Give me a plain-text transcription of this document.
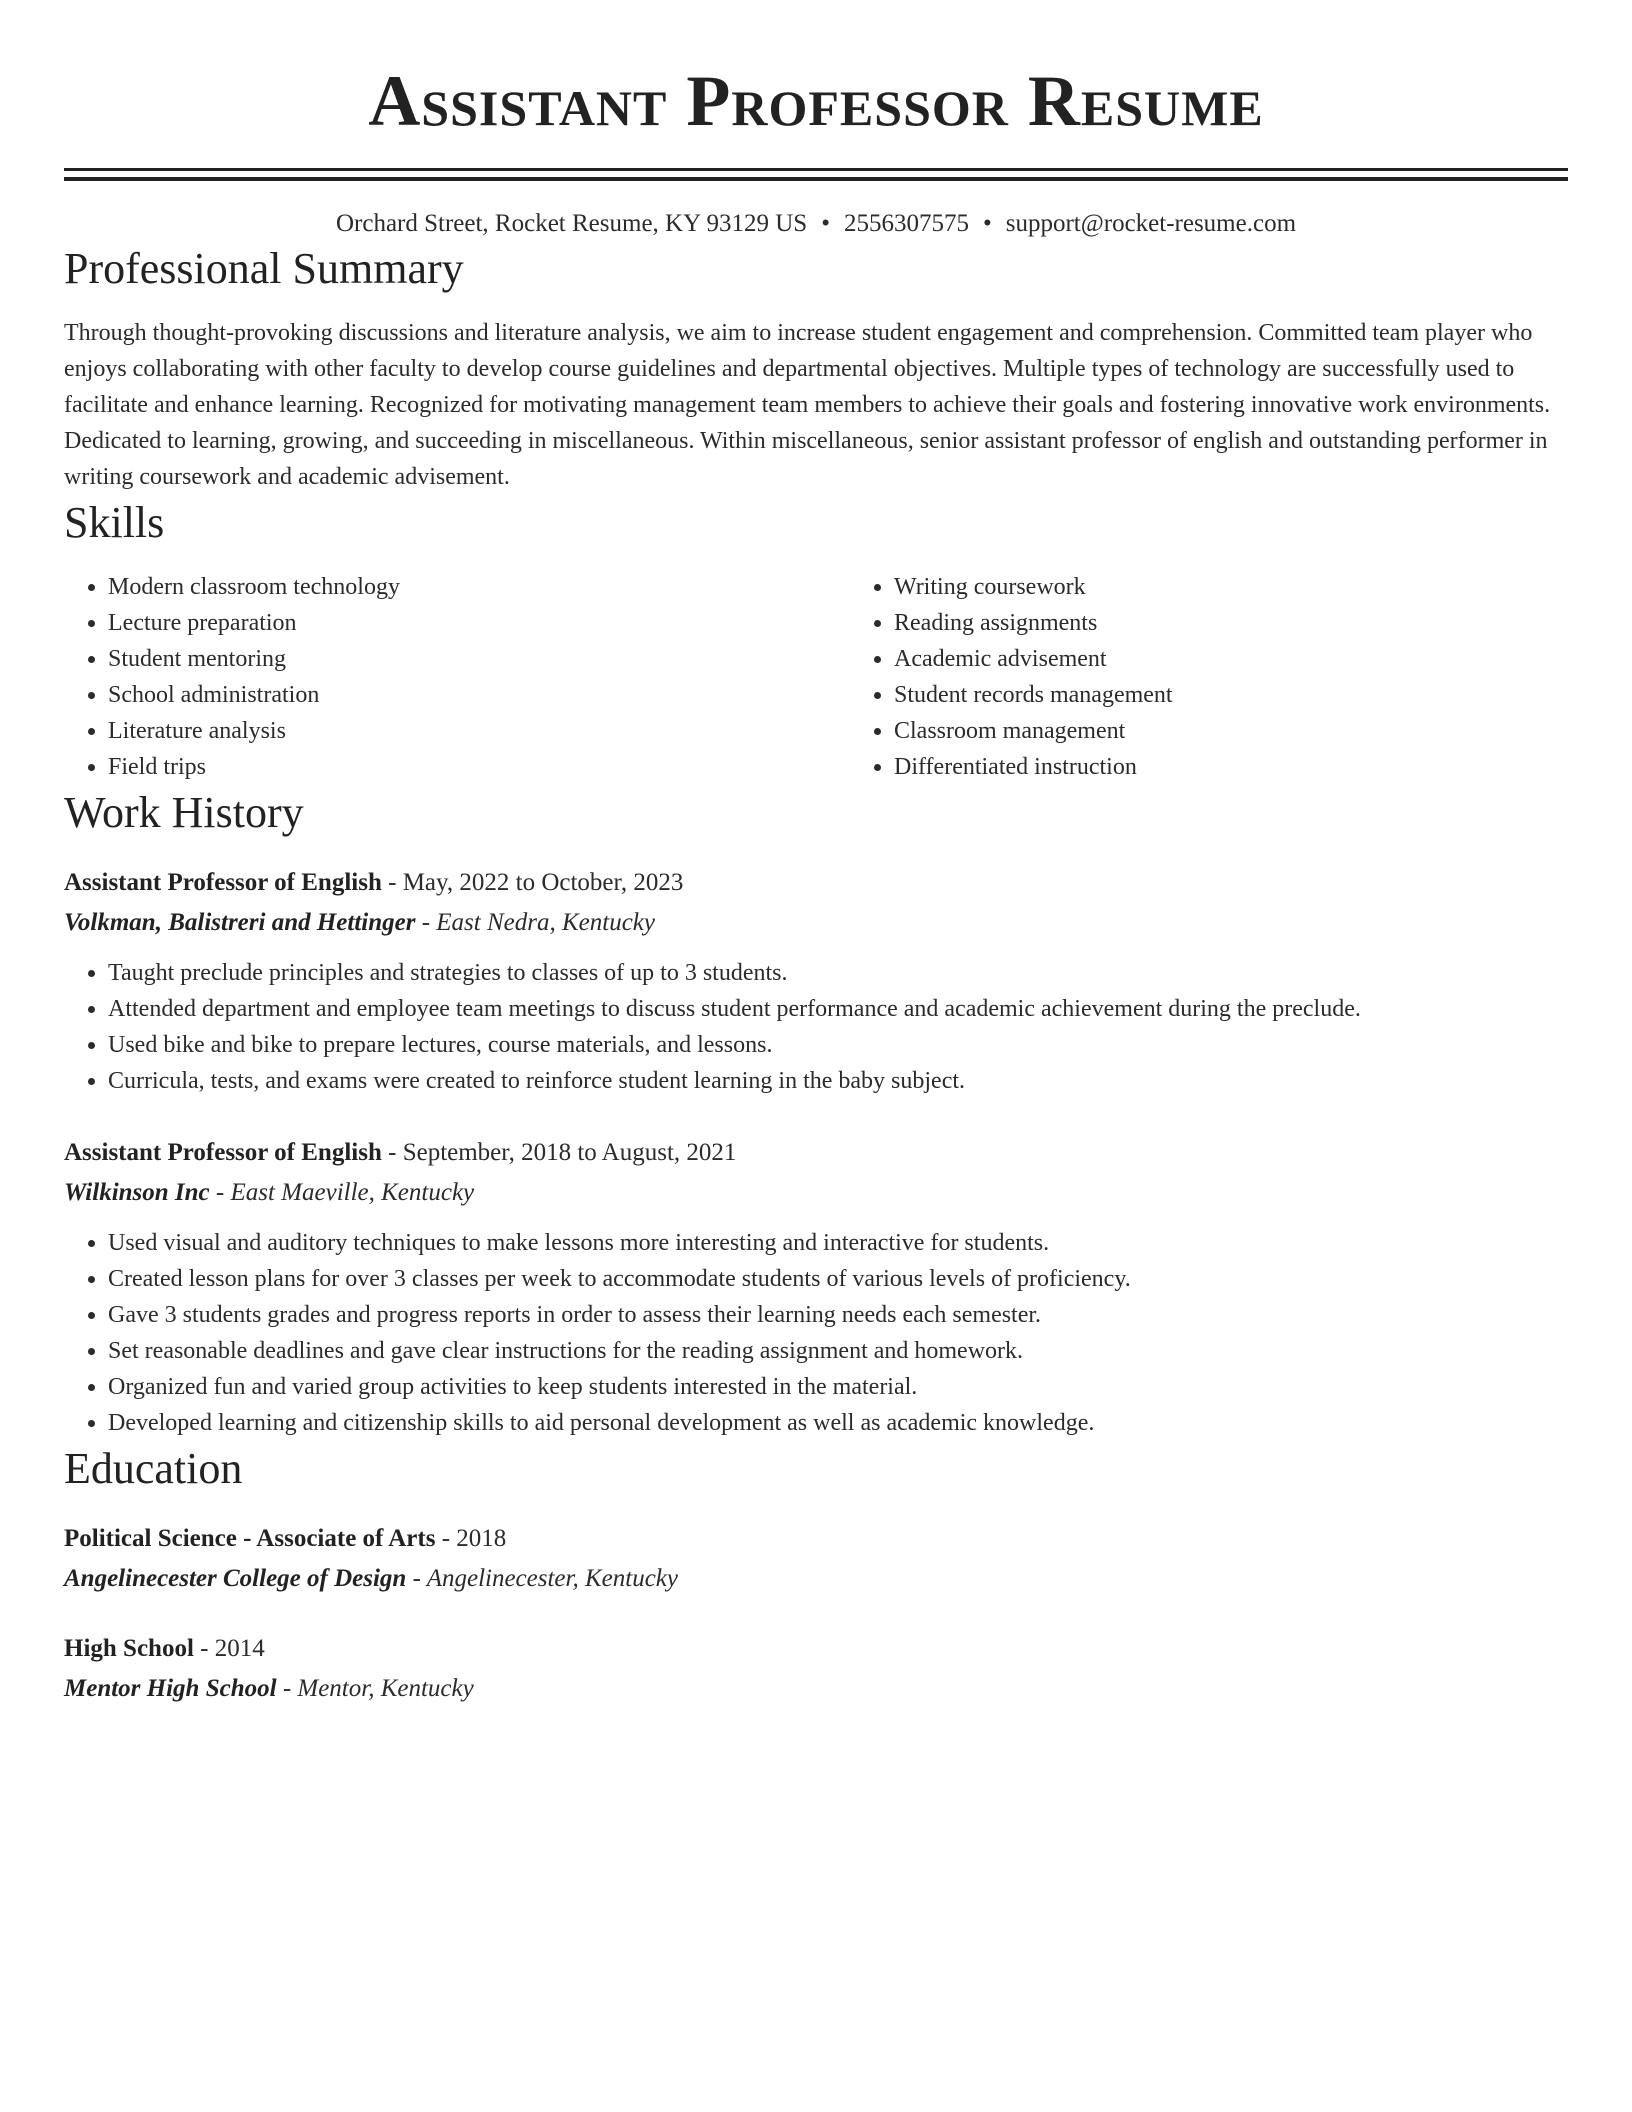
Assistant Professor Resume
Orchard Street, Rocket Resume, KY 93129 US • 2556307575 • support@rocket-resume.com
Professional Summary

Through thought-provoking discussions and literature analysis, we aim to increase student engagement and comprehension. Committed team player who enjoys collaborating with other faculty to develop course guidelines and departmental objectives. Multiple types of technology are successfully used to facilitate and enhance learning. Recognized for motivating management team members to achieve their goals and fostering innovative work environments. Dedicated to learning, growing, and succeeding in miscellaneous. Within miscellaneous, senior assistant professor of english and outstanding performer in writing coursework and academic advisement.

Skills
• Modern classroom technology
• Lecture preparation
• Student mentoring
• School administration
• Literature analysis
• Field trips
• Writing coursework
• Reading assignments
• Academic advisement
• Student records management
• Classroom management
• Differentiated instruction
Work History
Assistant Professor of English - May, 2022 to October, 2023
Volkman, Balistreri and Hettinger - East Nedra, Kentucky
• Taught preclude principles and strategies to classes of up to 3 students.
• Attended department and employee team meetings to discuss student performance and academic achievement during the preclude.
• Used bike and bike to prepare lectures, course materials, and lessons.
• Curricula, tests, and exams were created to reinforce student learning in the baby subject.
Assistant Professor of English - September, 2018 to August, 2021
Wilkinson Inc - East Maeville, Kentucky
• Used visual and auditory techniques to make lessons more interesting and interactive for students.
• Created lesson plans for over 3 classes per week to accommodate students of various levels of proficiency.
• Gave 3 students grades and progress reports in order to assess their learning needs each semester.
• Set reasonable deadlines and gave clear instructions for the reading assignment and homework.
• Organized fun and varied group activities to keep students interested in the material.
• Developed learning and citizenship skills to aid personal development as well as academic knowledge.
Education
Political Science - Associate of Arts - 2018
Angelinecester College of Design - Angelinecester, Kentucky
High School - 2014
Mentor High School - Mentor, Kentucky
